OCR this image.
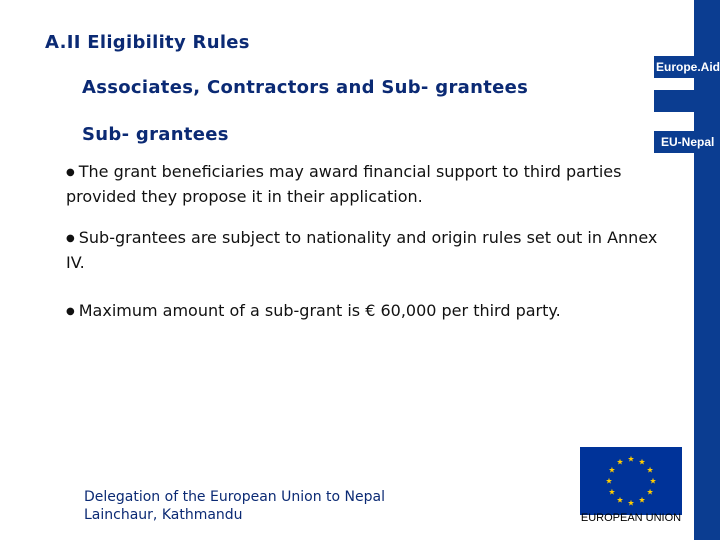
Europe.Aid
EU-Nepal
A.II Eligibility Rules
Associates, Contractors and Sub- grantees
Sub- grantees
● The grant beneficiaries may award financial support to third parties provided they propose it in their application.
● Sub-grantees are subject to nationality and origin rules set out in Annex IV.
● Maximum amount of a sub-grant is € 60,000 per third party.
Delegation of the European Union to Nepal
Lainchaur, Kathmandu	EUROPEAN UNION
